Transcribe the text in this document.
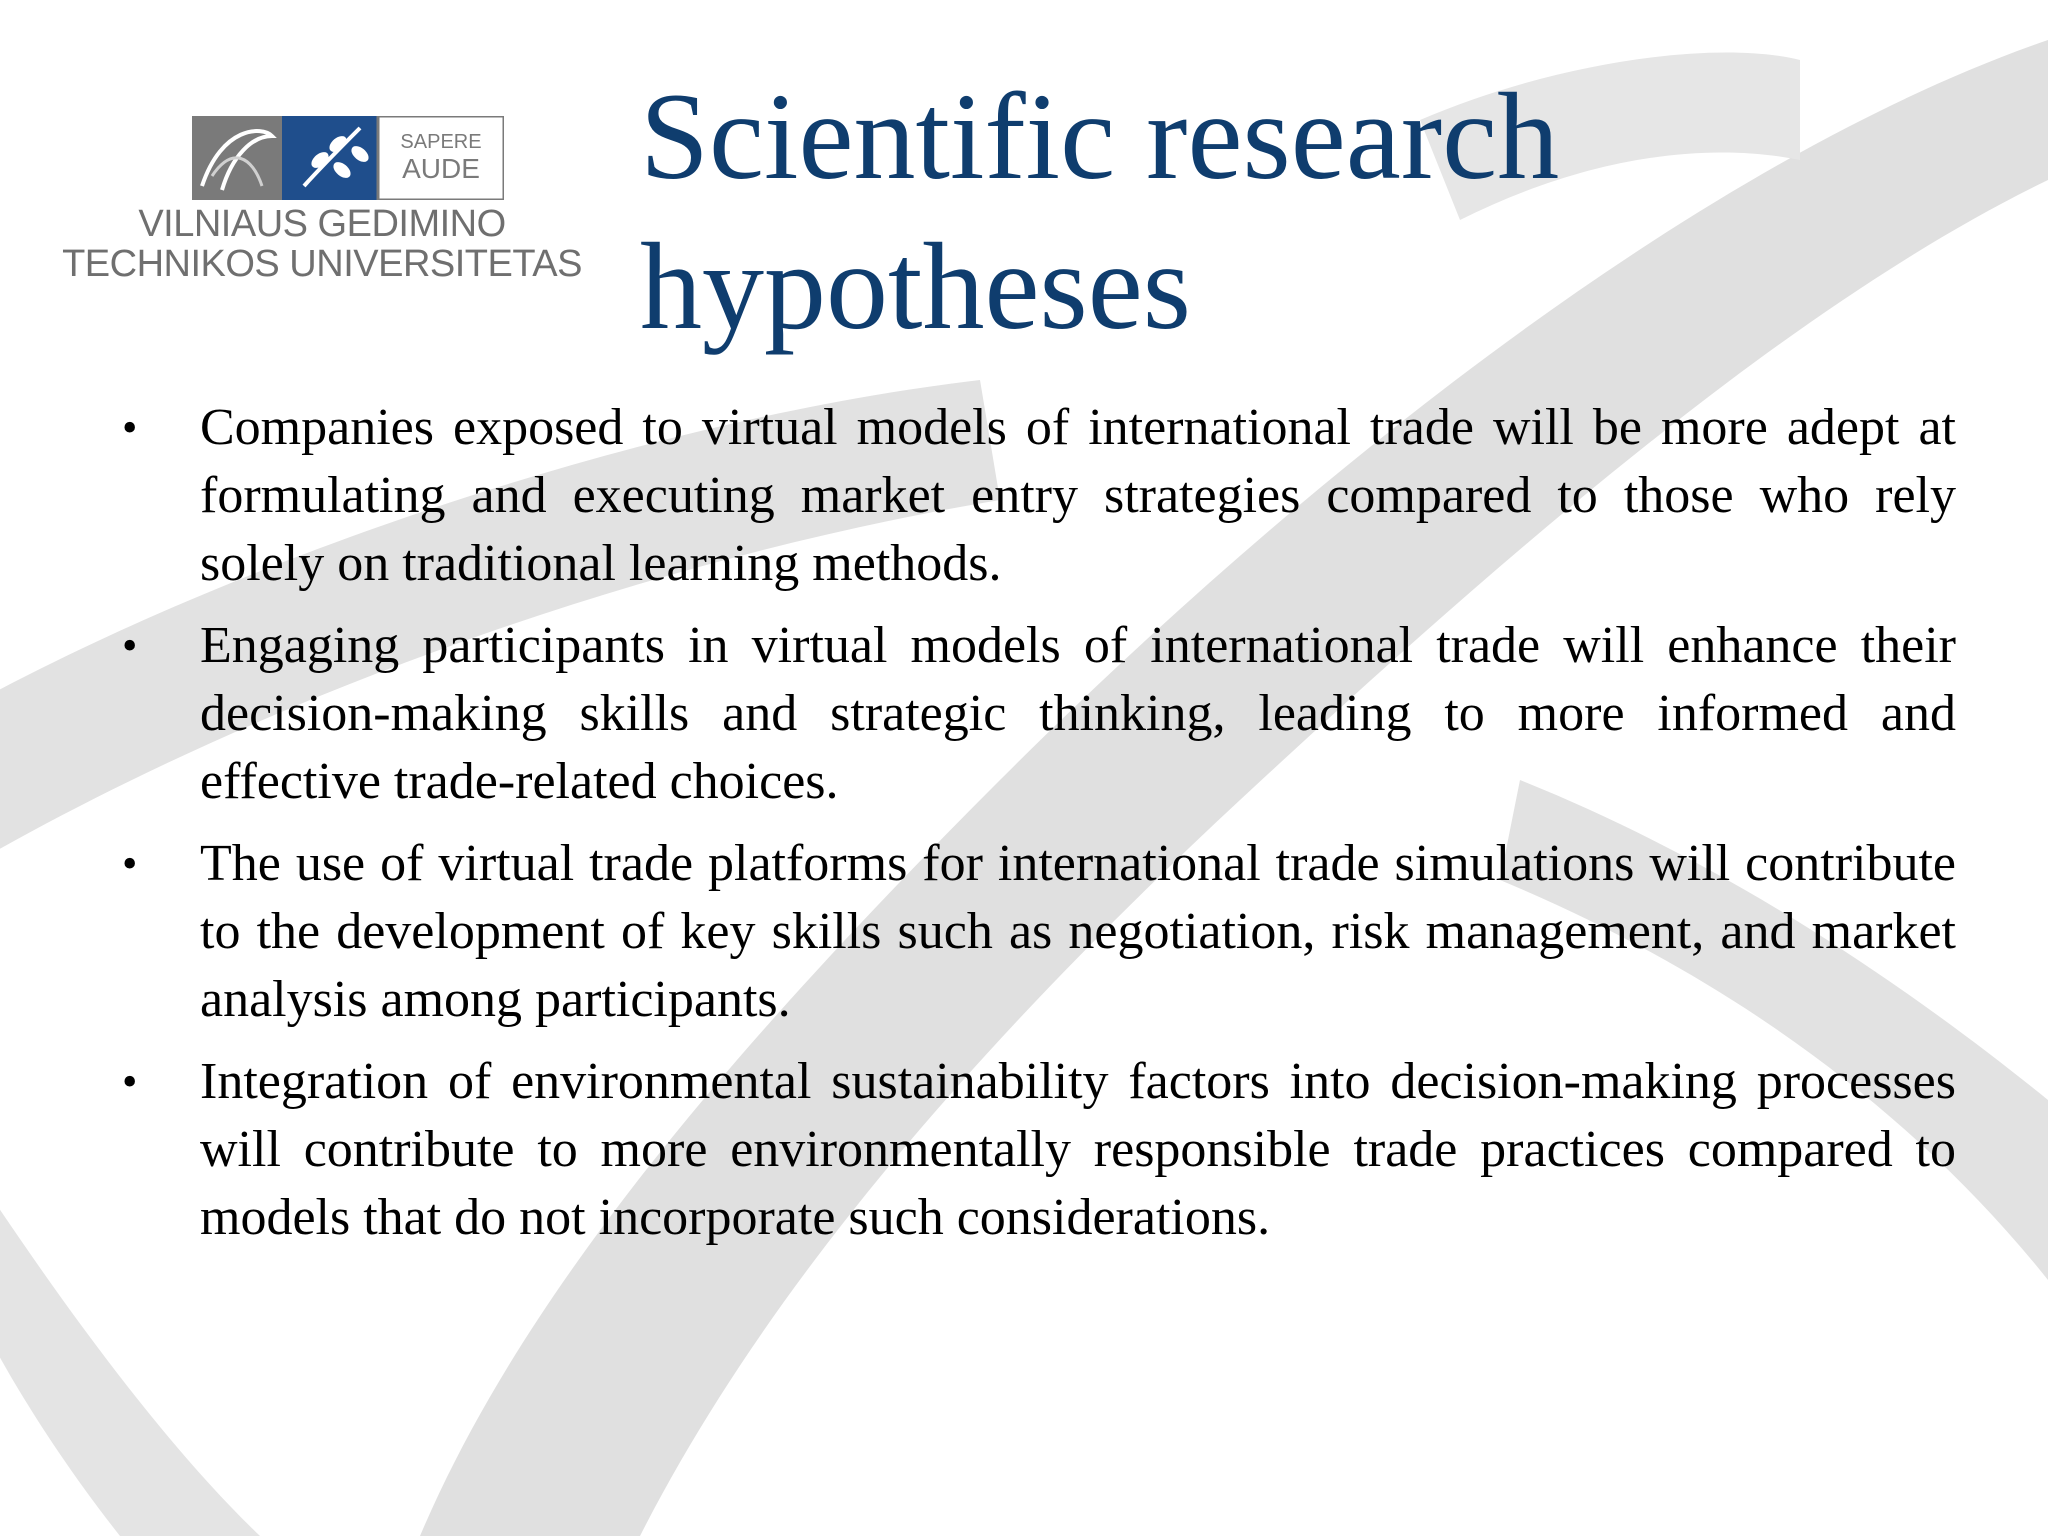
SAPERE
AUDE
VILNIAUS GEDIMINO
TECHNIKOS UNIVERSITETAS
Scientific research hypotheses
•	Companies exposed to virtual models of international trade will be more adept at formulating and executing market entry strategies compared to those who rely solely on traditional learning methods.
•	Engaging participants in virtual models of international trade will enhance their decision-making skills and strategic thinking, leading to more informed and effective trade-related choices.
•	The use of virtual trade platforms for international trade simulations will contribute to the development of key skills such as negotiation, risk management, and market analysis among participants.
•	Integration of environmental sustainability factors into decision-making processes will contribute to more environmentally responsible trade practices compared to models that do not incorporate such considerations.
